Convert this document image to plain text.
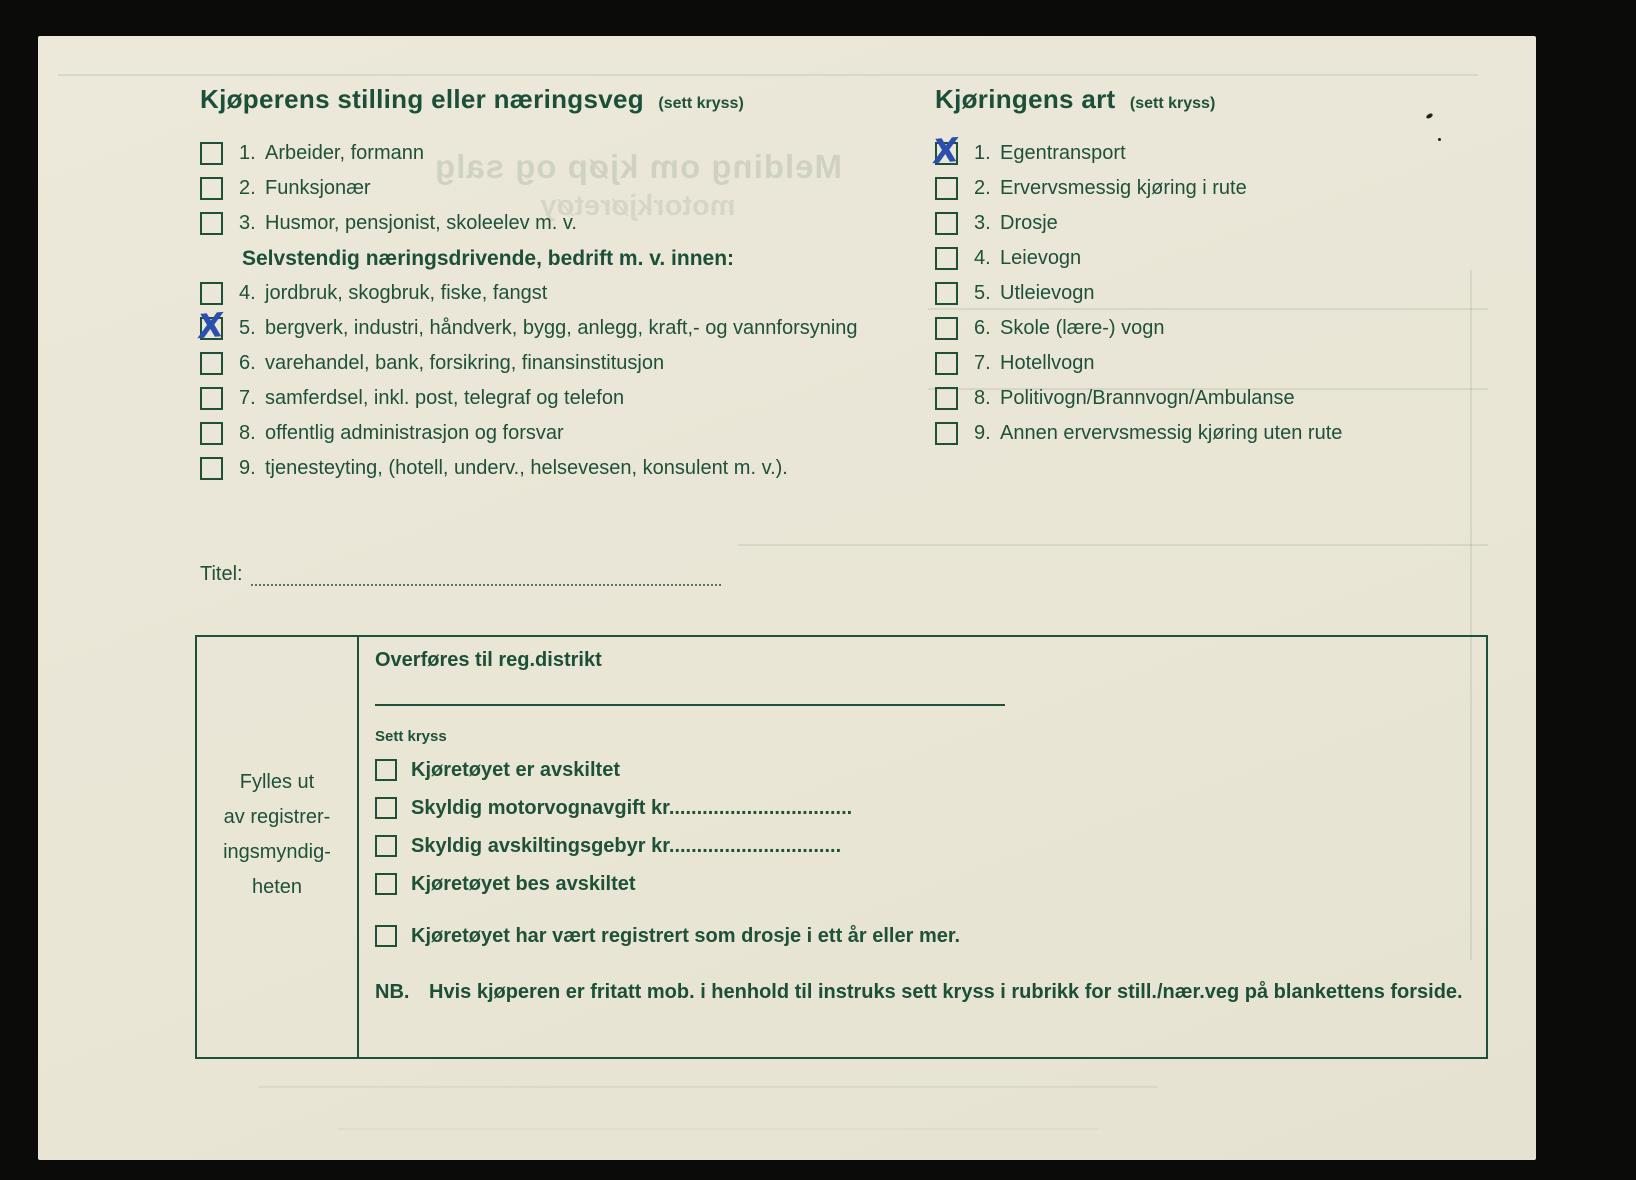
Melding om kjøp og salg
motorkjøretøy
Kjøperens stilling eller næringsveg (sett kryss)
1. Arbeider, formann
2. Funksjonær
3. Husmor, pensjonist, skoleelev m. v.
Selvstendig næringsdrivende, bedrift m. v. innen:
4. jordbruk, skogbruk, fiske, fangst
X 5. bergverk, industri, håndverk, bygg, anlegg, kraft,- og vannforsyning
6. varehandel, bank, forsikring, finansinstitusjon
7. samferdsel, inkl. post, telegraf og telefon
8. offentlig administrasjon og forsvar
9. tjenesteyting, (hotell, underv., helsevesen, konsulent m. v.).
Kjøringens art (sett kryss)
X 1. Egentransport
2. Ervervsmessig kjøring i rute
3. Drosje
4. Leievogn
5. Utleievogn
6. Skole (lære-) vogn
7. Hotellvogn
8. Politivogn/Brannvogn/Ambulanse
9. Annen ervervsmessig kjøring uten rute
Titel:
Fylles ut
av registrer-
ingsmyndig-
heten
Overføres til reg.distrikt
Sett kryss
Kjøretøyet er avskiltet
Skyldig motorvognavgift kr.................................
Skyldig avskiltingsgebyr kr...............................
Kjøretøyet bes avskiltet
Kjøretøyet har vært registrert som drosje i ett år eller mer.
NB. Hvis kjøperen er fritatt mob. i henhold til instruks sett kryss i rubrikk for still./nær.veg på blankettens forside.
